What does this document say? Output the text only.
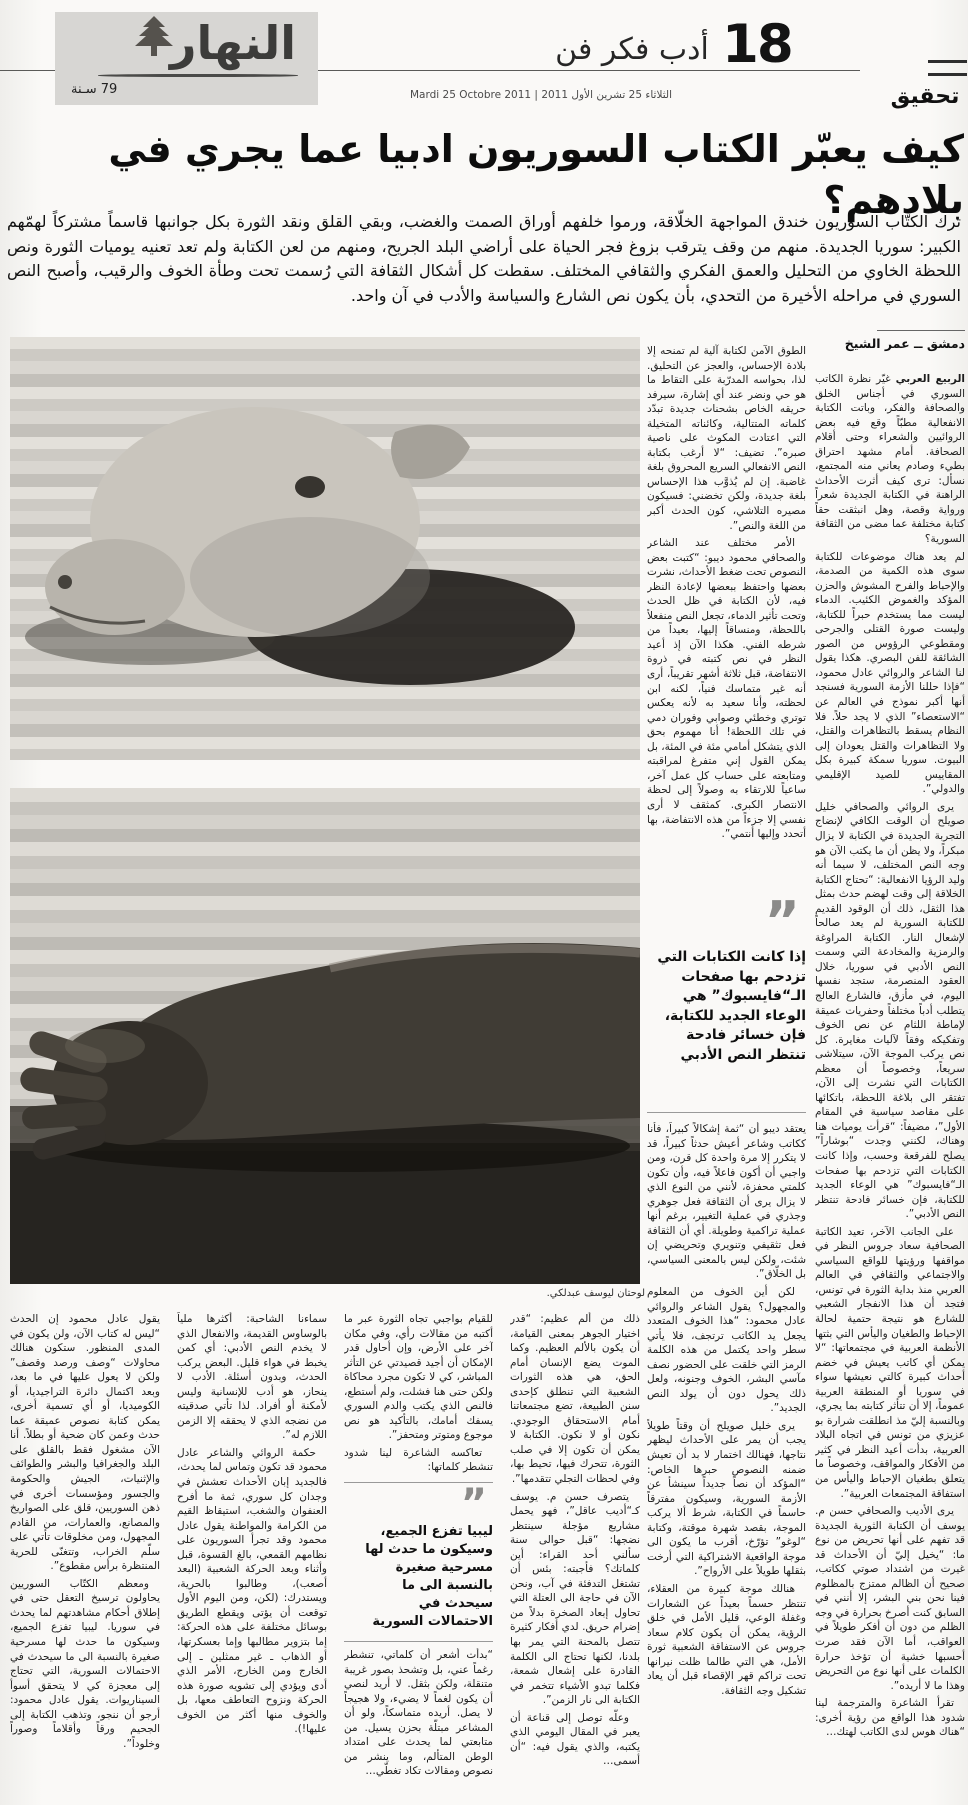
النهار
79 سـنة
18
أدب فكر فن
الثلاثاء 25 تشرين الأول 2011 | Mardi 25 Octobre 2011	تحقيق
كيف يعبّر الكتاب السوريون ادبيا عما يجري في بلادهم؟

ترك الكتّاب السوريون خندق المواجهة الخلّاقة، ورموا خلفهم أوراق الصمت والغضب، وبقي القلق ونقد الثورة بكل جوانبها قاسماً مشتركاً لهمّهم الكبير: سوريا الجديدة. منهم من وقف يترقب بزوغ فجر الحياة على أراضي البلد الجريح، ومنهم من لعن الكتابة ولم تعد تعنيه يوميات الثورة ونص اللحظة الخاوي من التحليل والعمق الفكري والثقافي المختلف. سقطت كل أشكال الثقافة التي رُسمت تحت وطأة الخوف والرقيب، وأصبح النص السوري في مراحله الأخيرة من التحدي، بأن يكون نص الشارع والسياسة والأدب في آن واحد.

دمشق ــ عمر الشيخ

الربيع العربي غيّر نظرة الكاتب السوري في أجناس الخلق والصحافة والفكر، وباتت الكتابة الانفعالية مطبّاً وقع فيه بعض الروائيين والشعراء وحتى أقلام الصحافة. أمام مشهد احتراق بطيء وصادم يعاني منه المجتمع، نسأل: ترى كيف أثرت الأحداث الراهنة في الكتابة الجديدة شعراً ورواية وقصة، وهل انبثقت حقاً كتابة مختلفة عما مضى من الثقافة السورية؟

لم يعد هناك موضوعات للكتابة سوى هذه الكمية من الصدمة، والإحباط والفرح المشوش والحزن المؤكد والغموض الكئيب. الدماء ليست مما يستخدم حبراً للكتابة، وليست صورة القتلى والجرحى ومقطوعي الرؤوس من الصور الشائقة للفن البصري. هكذا يقول لنا الشاعر والروائي عادل محمود، “فإذا حللنا الأزمة السورية فسنجد أنها أكبر نموذج في العالم عن “الاستعصاء” الذي لا يجد حلاً. فلا النظام يسقط بالتظاهرات والقتل، ولا التظاهرات والقتل يعودان إلى البيوت. سوريا سمكة كبيرة بكل المقاييس للصيد الإقليمي والدولي”.

يرى الروائي والصحافي خليل صويلح أن الوقت الكافي لإنضاج التجربة الجديدة في الكتابة لا يزال مبكراً، ولا يظن أن ما يكتب الآن هو وجه النص المختلف، لا سيما أنه وليد الرؤيا الانفعالية: “تحتاج الكتابة الخلاقة إلى وقت لهضم حدث بمثل هذا الثقل، ذلك أن الوقود القديم للكتابة السورية لم يعد صالحاً لإشعال النار. الكتابة المراوغة والرمزية والمخادعة التي وسمت النص الأدبي في سوريا، خلال العقود المنصرمة، ستجد نفسها اليوم، في مأزق، فالشارع العالج يتطلب أدباً مختلفاً وحفريات عميقة لإماطة اللثام عن نص الخوف وتفكيكه وفقاً لآليات مغايرة. كل نص يركب الموجة الآن، سيتلاشى سريعاً، وخصوصاً أن معظم الكتابات التي نشرت إلى الآن، تفتقر الى بلاغة اللحظة، باتكائها على مقاصد سياسية في المقام الأول”، مضيفاً: “قرأت يوميات هنا وهناك، لكنني وجدت “بوشاراً” يصلح للفرقعة وحسب، وإذا كانت الكتابات التي تزدحم بها صفحات الـ“فايسبوك” هي الوعاء الجديد للكتابة، فإن خسائر فادحة تنتظر النص الأدبي”.

على الجانب الآخر، تعيد الكاتبة الصحافية سعاد جروس النظر في مواقفها ورؤيتها للواقع السياسي والاجتماعي والثقافي في العالم العربي منذ بداية الثورة في تونس، فتجد أن هذا الانفجار الشعبي للشارع هو نتيجة حتمية لحالة الإحباط والطغيان واليأس التي بثتها الأنظمة العربية في مجتمعاتها: “لا يمكن أي كاتب يعيش في خضم أحداث كبيرة كالتي نعيشها سواء في سوريا أو المنطقة العربية عموماً، إلا أن تتأثر كتابته بما يجري، وبالنسبة إليّ مذ انطلقت شرارة بو عزيزي من تونس في اتجاه البلاد العربية، بدأت أعيد النظر في كثير من الأفكار والمواقف، وخصوصاً ما يتعلق بطغيان الإحباط واليأس من استفاقة المجتمعات العربية”.

يرى الأديب والصحافي حسن م. يوسف أن الكتابة الثورية الجديدة قد تفهم على أنها تحريض من نوع ما: “يخيل إليّ أن الأحداث قد غيرت من اشتداد صوتي ككاتب، صحيح أن الظالم ممتزج بالمظلوم فينا نحن بني البشر، إلا أنني في السابق كنت أصرخ بحرارة في وجه الظلم من دون أن أفكر طويلاً في العواقب، أما الآن فقد صرت أحسبها خشية أن تؤخذ حرارة الكلمات على أنها نوع من التحريض وهذا ما لا أريده”.

تقرأ الشاعرة والمترجمة لينا شدود هذا الواقع من رؤية أخرى: “هناك هوس لدى الكاتب لهتك…

الطوق الآمن لكتابة آلية لم تمنحه إلا بلادة الإحساس، والعجز عن التحليق. لذا، بحواسه المدرّبة على التقاط ما هو حي ونضر عند أي إشارة، سيرفد حريقه الخاص بشحنات جديدة تبدّد كلماته المتتالية، وكائناته المتخيلة التي اعتادت المكوث على ناصية صبره”. تضيف: “لا أرغب بكتابة النص الانفعالي السريع المحروق بلغة غاضبة. إن لم يُذوَّب هذا الإحساس بلغة جديدة، ولكن تخضني: فسيكون مصيره التلاشي، كون الحدث أكبر من اللغة والنص”.

الأمر مختلف عند الشاعر والصحافي محمود ديبو: “كتبت بعض النصوص تحت ضغط الأحداث، نشرت بعضها واحتفظ ببعضها لإعادة النظر فيه، لأن الكتابة في ظل الحدث وتحت تأثير الدماء، تجعل النص منفعلاً باللحظة، ومنساقاً إليها، بعيداً من شرطه الفني. هكذا الآن إذ أعيد النظر في نص كتبته في ذروة الانتفاضة، قبل ثلاثة أشهر تقريباً، أرى أنه غير متماسك فنياً، لكنه ابن لحظته، وأنا سعيد به لأنه يعكس توتري وخطئي وصوابي وفوران دمي في تلك اللحظة! أنا مهموم بحق الذي يتشكل أمامي مئة في المئة، بل يمكن القول إني متفرغ لمراقبته ومتابعته على حساب كل عمل آخر، ساعياً للارتقاء به وصولاً إلى لحظة الانتصار الكبرى. كمثقف لا أرى نفسي إلا جزءاً من هذه الانتفاضة، بها أتحدد وإليها أنتمي”.

”
إذا كانت الكتابات التي تزدحم بها صفحات الـ“فايسبوك” هي الوعاء الجديد للكتابة، فإن خسائر فادحة تنتظر النص الأدبي

يعتقد ديبو أن “ثمة إشكالاً كبيراً، فأنا ككاتب وشاعر أعيش حدثاً كبيراً، قد لا يتكرر إلا مرة واحدة كل قرن، ومن واجبي أن أكون فاعلاً فيه، وأن تكون كلمتي محفزة، لأنني من النوع الذي لا يزال يرى أن الثقافة فعل جوهري وجذري في عملية التغيير، برغم أنها عملية تراكمية وطويلة. أي أن الثقافة فعل تثقيفي وتنويري وتحريضي إن شئت، ولكن ليس بالمعنى السياسي، بل الخلّاق”.

لكن أين الخوف من المعلوم والمجهول؟ يقول الشاعر والروائي عادل محمود: “هذا الخوف المتعدد يجعل يد الكاتب ترتجف، فلا يأتي سطر واحد يكتمل من هذه الكلمة الرمز التي خلقت على الحضور نصف مآسي البشر، الخوف وجنونه، ولعل ذلك يحول دون أن يولد النص الجديد”.

يرى خليل صويلح أن وقتاً طويلاً يجب أن يمر على الأحداث ليظهر نتاجها، فهنالك اختمار لا بد أن تعيش ضمنه النصوص حبرها الخاص: “المؤكد أن نصاً جديداً سينشأ عن الأزمة السورية، وسيكون مفترقاً حاسماً في الكتابة، شرط ألا يركب الموجة، بقصد شهرة موقتة، وكتابة “لوغو” تؤرّخ، أقرب ما يكون الى موجة الواقعية الاشتراكية التي أرخت بثقلها طويلاً على الأرواح”.

هنالك موجة كبيرة من العقلاء، تنتظر حسماً بعيداً عن الشعارات وغفلة الوعي، قليل الأمل في خلق الرؤية، يمكن أن يكون كلام سعاد جروس عن الاستفاقة الشعبية ثورة الأمل، هي التي طالما ظلت نيرانها تحت تراكم قهر الإقصاء قبل أن يعاد تشكيل وجه الثقافة.

لوحتان ليوسف عبدلكي.

يقول عادل محمود إن الحدث “ليس له كتاب الآن، ولن يكون في المدى المنظور. ستكون هنالك محاولات “وصف ورصد وقصف” ولكن لا يعول عليها في ما بعد، وبعد اكتمال دائرة التراجيديا، أو الكوميديا، أو أي تسمية أخرى، يمكن كتابة نصوص عميقة عما حدث وعمن كان ضحية أو بطلاً. أنا الآن مشغول فقط بالقلق على البلد والجغرافيا والبشر والطوائف والإثنيات، الجيش والحكومة والجسور ومؤسسات أخرى في ذهن السوريين، قلق على الصواريخ والمصانع، والعمارات، من القادم المجهول، ومن مخلوقات تأتي على سلّم الخراب، وتتغنّى للحرية المنتظرة برأس مقطوع”.

ومعظم الكتّاب السوريين يحاولون ترسيخ التعقل حتى في إطلاق أحكام مشاهدتهم لما يحدث في سوريا. ليبيا تفزع الجميع، وسيكون ما حدث لها مسرحية صغيرة بالنسبة الى ما سيحدث في الاحتمالات السورية، التي تحتاج إلى معجزة كي لا يتحقق أسوأ السيناريوات. يقول عادل محمود: أرجو أن ننجو، وتذهب الكتابة إلى الجحيم ورقاً وأقلاماً وصوراً وخلوداً”.

سماءنا الشاحبة: أكثرها ملياً بالوساوس القديمة، والانفعال الذي لا يخدم النص الأدبي: أي كمن يخبط في هواء قليل. البعض يركب الحدث، وبدون أسئلة. الأدب لا ينحاز، هو أدب للإنسانية وليس لأمكنة أو أفراد. لذا تأتي صدقيته من نضجه الذي لا يحققه إلا الزمن اللازم له”.

حكمة الروائي والشاعر عادل محمود قد تكون وتماس لما يحدث، فالجديد إبان الأحداث تعشش في وجدان كل سوري، ثمة ما أفرح العنفوان والشغب، استيقاظ القيم من الكرامة والمواطنة يقول عادل محمود وقد تجرأ السوريون على نظامهم القمعي، بالغ القسوة، قبل وأثناء وبعد الحركة الشعبية (البعد أصعب)، وطالبوا بالحرية، ويستدرك: (لكن، ومن اليوم الأول توقعت أن يؤتى ويقطع الطريق بوسائل مختلفة على هذه الحركة: إما بتزوير مطالبها وإما بعسكرتها، أو الذهاب ـ غير ممثلين ـ إلى الخارج ومن الخارج، الأمر الذي أدى ويؤدي إلى تشويه صورة هذه الحركة ونزوح التعاطف معها، بل والخوف منها أكثر من الخوف عليها!).

للقيام بواجبي تجاه الثورة عبر ما أكتبه من مقالات رأي، وفي مكان آخر على الأرض، وإن أحاول قدر الإمكان أن أجيد قصيدتي عن التأثر المباشر، كي لا تكون مجرد محاكاة ولكن حتى هنا فشلت، ولم أستطع، فالنص الذي يكتب والدم السوري يسفك أمامك، بالتأكيد هو نص موجوع ومتوتر ومتحفز”.

تعاكسه الشاعرة لينا شدود تنشطر كلماتها:

”
ليبيا تفزع الجميع، وسيكون ما حدث لها مسرحية صغيرة بالنسبة الى ما سيحدث في الاحتمالات السورية

“بدأت أشعر أن كلماتي، تنشطر رغماً عني، بل وتشحذ بصور غريبة متنقلة، ولكن بثقل. لا أريد لنصي أن يكون لغماً لا يضيء، ولا هجيجاً لا يصل. أريده متماسكاً، ولو أن المشاعر مبتلّة بحزن يسيل. من متابعتي لما يحدث على امتداد الوطن المتألم، وما ينشر من نصوص ومقالات تكاد تغطّي…

ذلك من ألم عظيم: “قدر اختيار الجوهر بمعنى القيامة، أن يكون بالألم العظيم. وكما الموت يضع الإنسان أمام الحق، هي هذه الثورات الشعبية التي تنطلق كإحدى سنن الطبيعة، تضع مجتمعاتنا أمام الاستحقاق الوجودي. نكون أو لا نكون. الكتابة لا يمكن أن تكون إلا في صلب الثورة، تتحرك فيها، تحيط بها، وفي لحظات التجلي تتقدمها”.

يتصرف حسن م. يوسف كـ“أديب عاقل”، فهو يحمل مشاريع مؤجلة سينتظر نضجها: “قبل حوالى سنة سألني أحد القراء: أين كلماتك؟ فأجبته: بئس أن تشتغل التدفئة في آب، ونحن الآن في حاجة الى العتلة التي تحاول إبعاد الصخرة بدلاً من إضرام حريق. لدي أفكار كثيرة تتصل بالمحنة التي يمر بها بلدنا، لكنها تحتاج الى الكلمة القادرة على إشعال شمعة، فكلما تبدو الأشياء تتخمر في الكتابة الى نار الزمن”.

وعلّه توصل إلى قناعة أن يعبر في المقال اليومي الذي يكتبه، والذي يقول فيه: “أن أسمى…
